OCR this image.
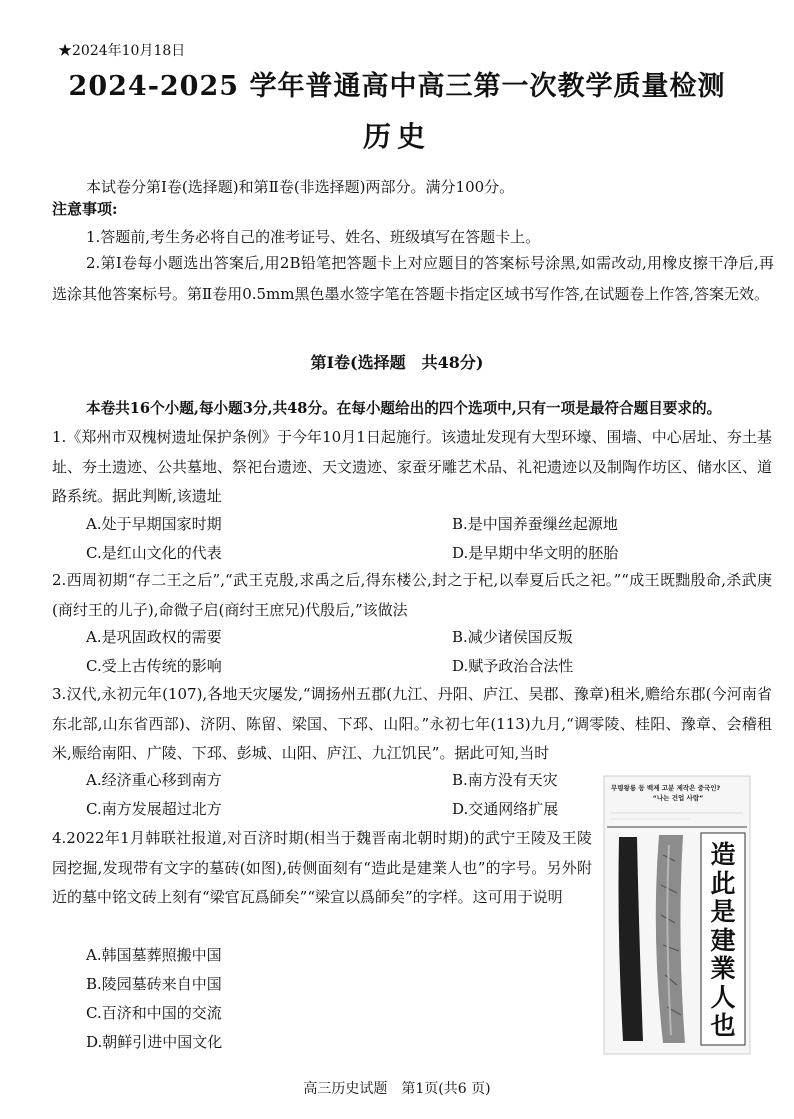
★2024年10月18日
2024-2025 学年普通高中高三第一次教学质量检测
历史
本试卷分第Ⅰ卷(选择题)和第Ⅱ卷(非选择题)两部分。满分100分。
注意事项:
1.答题前,考生务必将自己的准考证号、姓名、班级填写在答题卡上。
2.第Ⅰ卷每小题选出答案后,用2B铅笔把答题卡上对应题目的答案标号涂黑,如需改动,用橡皮擦干净后,再选涂其他答案标号。第Ⅱ卷用0.5mm黑色墨水签字笔在答题卡指定区域书写作答,在试题卷上作答,答案无效。
第Ⅰ卷(选择题　共48分)
本卷共16个小题,每小题3分,共48分。在每小题给出的四个选项中,只有一项是最符合题目要求的。
1.《郑州市双槐树遗址保护条例》于今年10月1日起施行。该遗址发现有大型环壕、围墙、中心居址、夯土基址、夯土遗迹、公共墓地、祭祀台遗迹、天文遗迹、家蚕牙雕艺术品、礼祀遗迹以及制陶作坊区、储水区、道路系统。据此判断,该遗址
A.处于早期国家时期	B.是中国养蚕缫丝起源地
C.是红山文化的代表	D.是早期中华文明的胚胎
2.西周初期“存二王之后”,“武王克殷,求禹之后,得东楼公,封之于杞,以奉夏后氏之祀。”“成王既黜殷命,杀武庚(商纣王的儿子),命微子启(商纣王庶兄)代殷后,”该做法
A.是巩固政权的需要	B.减少诸侯国反叛
C.受上古传统的影响	D.赋予政治合法性
3.汉代,永初元年(107),各地天灾屡发,“调扬州五郡(九江、丹阳、庐江、吴郡、豫章)租米,赡给东郡(今河南省东北部,山东省西部)、济阴、陈留、梁国、下邳、山阳。”永初七年(113)九月,“调零陵、桂阳、豫章、会稽租米,赈给南阳、广陵、下邳、彭城、山阳、庐江、九江饥民”。据此可知,当时
A.经济重心移到南方	B.南方没有天灾
C.南方发展超过北方	D.交通网络扩展
4.2022年1月韩联社报道,对百济时期(相当于魏晋南北朝时期)的武宁王陵及王陵园挖掘,发现带有文字的墓砖(如图),砖侧面刻有“造此是建業人也”的字号。另外附近的墓中铭文砖上刻有“梁官瓦爲師矣”“梁宣以爲師矣”的字样。这可用于说明
A.韩国墓葬照搬中国
B.陵园墓砖来自中国
C.百济和中国的交流
D.朝鲜引进中国文化
무령왕릉 등 백제 고분 제작은 중국인?
“나는 건업 사람”
造此是建業人也
高三历史试题　第1页(共6 页)
